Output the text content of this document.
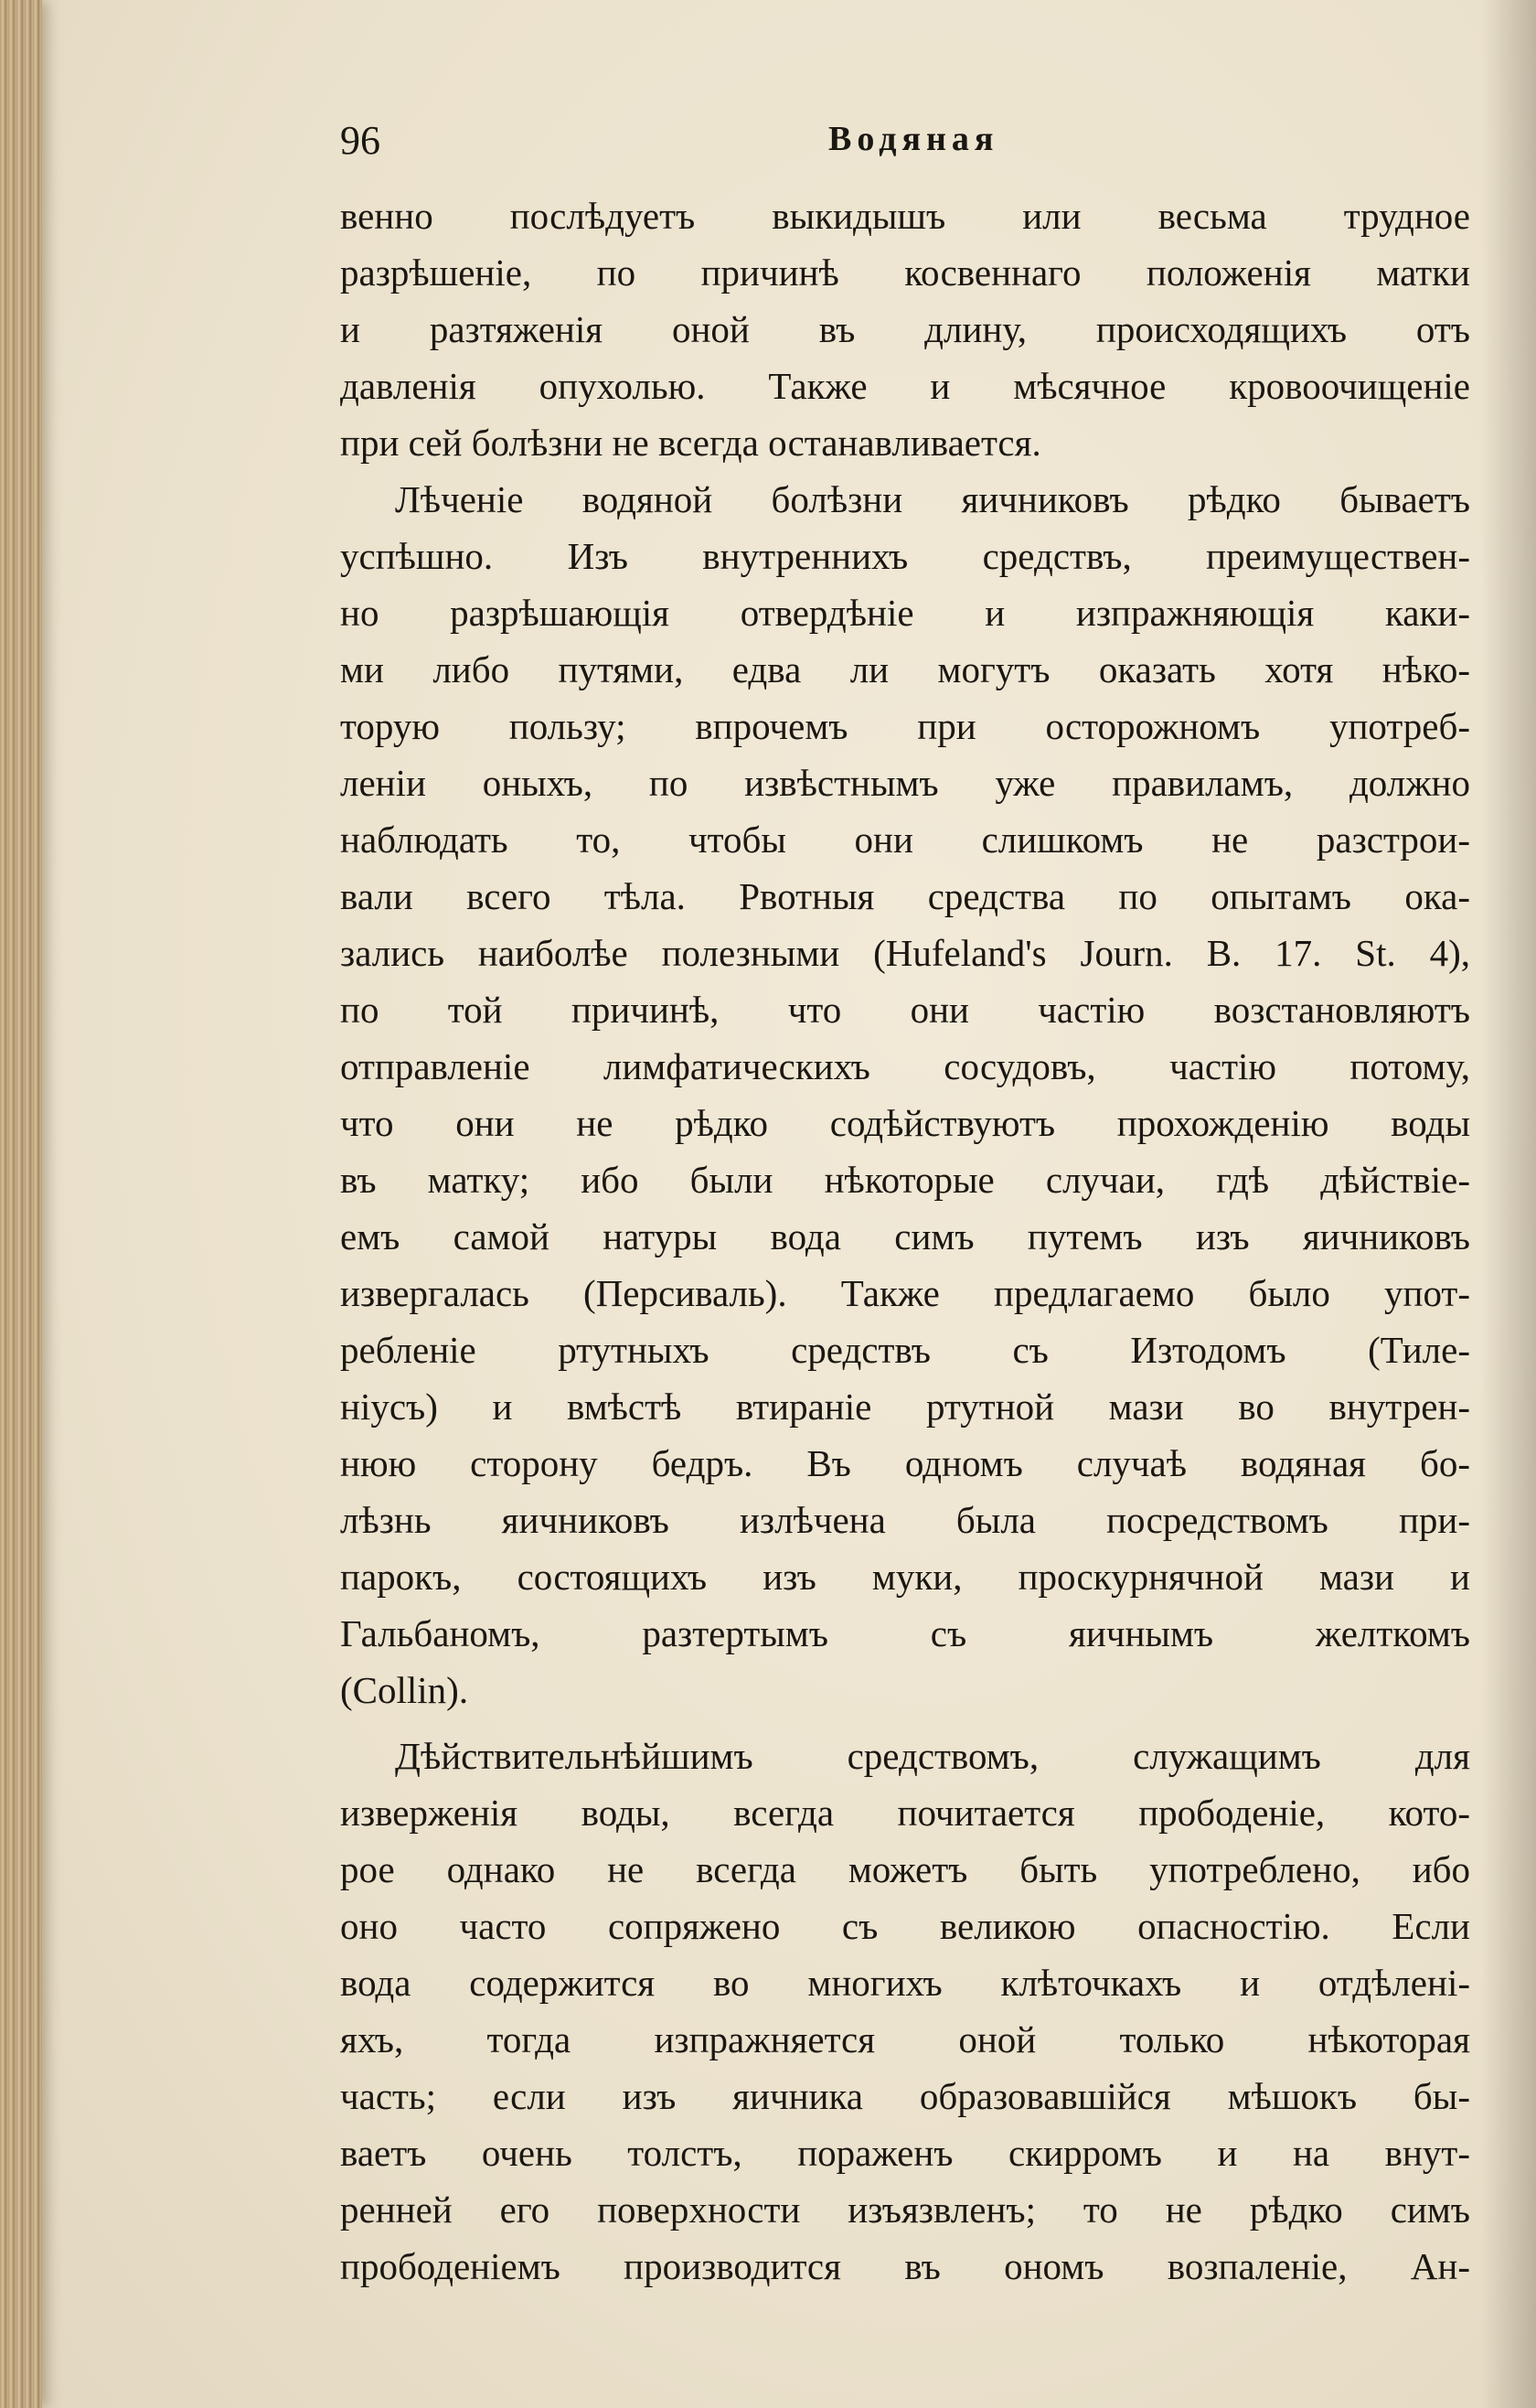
96	Водяная
венно послѣдуетъ выкидышъ или весьма трудное
разрѣшеніе, по причинѣ косвеннаго положенія матки
и разтяженія оной въ длину, происходящихъ отъ
давленія опухолью. Также и мѣсячное кровоочищеніе
при сей болѣзни не всегда останавливается.
Лѣченіе водяной болѣзни яичниковъ рѣдко бываетъ
успѣшно. Изъ внутреннихъ средствъ, преимуществен-
но разрѣшающія отвердѣніе и изпражняющія каки-
ми либо путями, едва ли могутъ оказать хотя нѣко-
торую пользу; впрочемъ при осторожномъ употреб-
леніи оныхъ, по извѣстнымъ уже правиламъ, должно
наблюдать то, чтобы они слишкомъ не разстрои-
вали всего тѣла. Рвотныя средства по опытамъ ока-
зались наиболѣе полезными (Hufeland's Journ. B. 17. St. 4),
по той причинѣ, что они частію возстановляютъ
отправленіе лимфатическихъ сосудовъ, частію потому,
что они не рѣдко содѣйствуютъ прохожденію воды
въ матку; ибо были нѣкоторые случаи, гдѣ дѣйствіе-
емъ самой натуры вода симъ путемъ изъ яичниковъ
извергалась (Персиваль). Также предлагаемо было упот-
ребленіе ртутныхъ средствъ съ Изтодомъ (Тиле-
ніусъ) и вмѣстѣ втираніе ртутной мази во внутрен-
нюю сторону бедръ. Въ одномъ случаѣ водяная бо-
лѣзнь яичниковъ излѣчена была посредствомъ при-
парокъ, состоящихъ изъ муки, проскурнячной мази и
Гальбаномъ, разтертымъ съ яичнымъ желткомъ
(Collin).
Дѣйствительнѣйшимъ средствомъ, служащимъ для
изверженія воды, всегда почитается прободеніе, кото-
рое однако не всегда можетъ быть употреблено, ибо
оно часто сопряжено съ великою опасностію. Если
вода содержится во многихъ клѣточкахъ и отдѣлені-
яхъ, тогда изпражняется оной только нѣкоторая
часть; если изъ яичника образовавшійся мѣшокъ бы-
ваетъ очень толстъ, пораженъ скирромъ и на внут-
ренней его поверхности изъязвленъ; то не рѣдко симъ
прободеніемъ производится въ ономъ возпаленіе, Ан-
